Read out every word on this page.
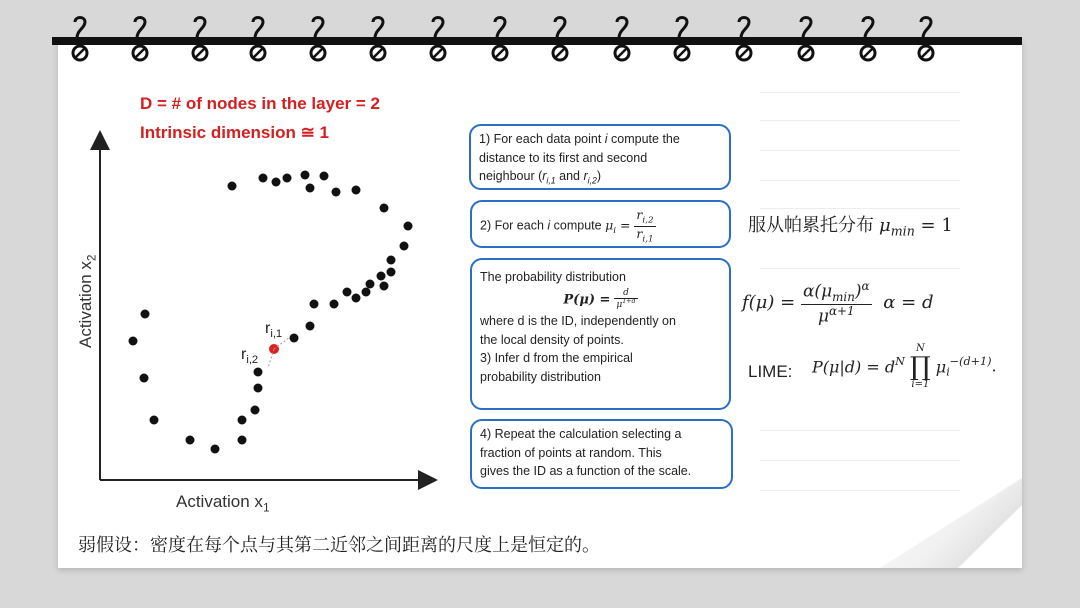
D = # of nodes in the layer = 2
Intrinsic dimension ≅ 1
$r_{i,1}$
$r_{i,2}$
Activation $x_1$
Activation $x_2$
1) For each data point i compute the
distance to its first and second
neighbour ($r_{i,1}$ and $r_{i,2}$)
2) For each i compute $\mu_i = \frac{r_{i,2}}{r_{i,1}}$
The probability distribution
$P(\mu) = \frac{d}{\mu^{1+d}}$
where d is the ID, independently on
the local density of points.
3) Infer d from the empirical
probability distribution
4) Repeat the calculation selecting a
fraction of points at random. This
gives the ID as a function of the scale.
服从帕累托分布 $\mu_{min} = 1$
$f(\mu) = \frac{\alpha(\mu_{min})^\alpha}{\mu^{\alpha+1}}$ α = d
LIME: $P(\mu|d) = d^N$
N
∏
i=1
$\mu_i^{-(d+1)}$.
弱假设：密度在每个点与其第二近邻之间距离的尺度上是恒定的。
